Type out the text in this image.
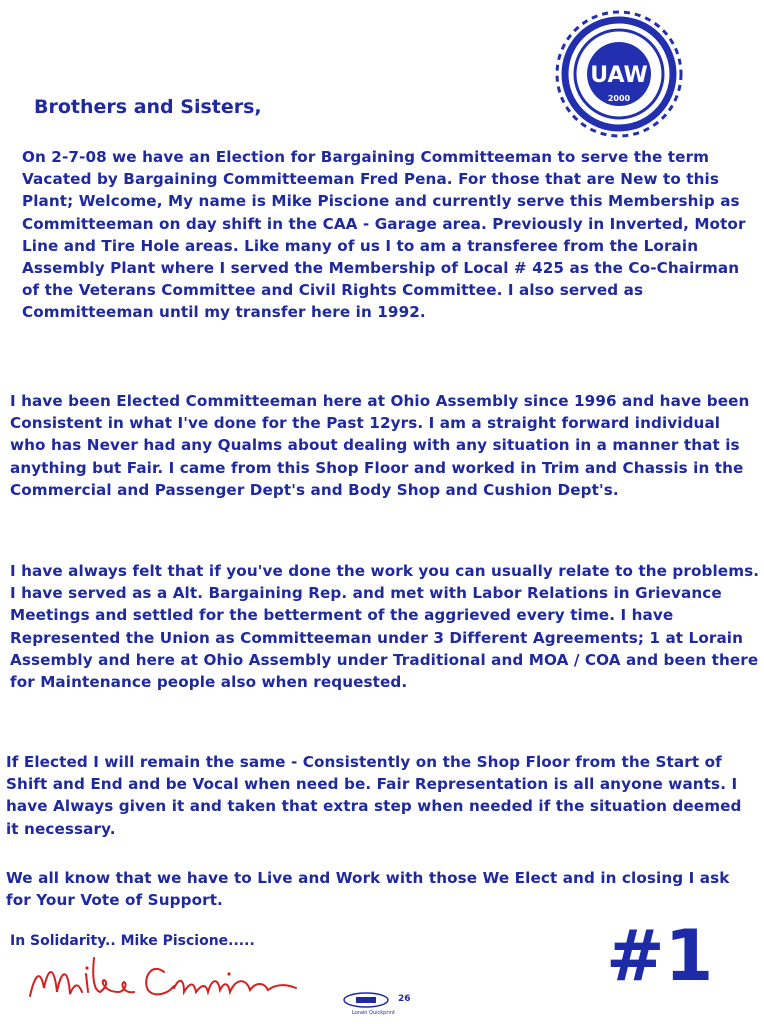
LOCAL
UAW
2000

Brothers and Sisters,

On 2-7-08 we have an Election for Bargaining Committeeman to serve the term Vacated by Bargaining Committeeman Fred Pena. For those that are New to this Plant; Welcome, My name is Mike Piscione and currently serve this Membership as Committeeman on day shift in the CAA - Garage area. Previously in Inverted, Motor Line and Tire Hole areas. Like many of us I to am a transferee from the Lorain Assembly Plant where I served the Membership of Local # 425 as the Co-Chairman of the Veterans Committee and Civil Rights Committee. I also served as Committeeman until my transfer here in 1992.

I have been Elected Committeeman here at Ohio Assembly since 1996 and have been Consistent in what I've done for the Past 12yrs. I am a straight forward individual who has Never had any Qualms about dealing with any situation in a manner that is anything but Fair. I came from this Shop Floor and worked in Trim and Chassis in the Commercial and Passenger Dept's and Body Shop and Cushion Dept's.

I have always felt that if you've done the work you can usually relate to the problems. I have served as a Alt. Bargaining Rep. and met with Labor Relations in Grievance Meetings and settled for the betterment of the aggrieved every time. I have Represented the Union as Committeeman under 3 Different Agreements; 1 at Lorain Assembly and here at Ohio Assembly under Traditional and MOA / COA and been there for Maintenance people also when requested.

If Elected I will remain the same - Consistently on the Shop Floor from the Start of Shift and End and be Vocal when need be. Fair Representation is all anyone wants. I have Always given it and taken that extra step when needed if the situation deemed it necessary.

We all know that we have to Live and Work with those We Elect and in closing I ask for Your Vote of Support.

In Solidarity.. Mike Piscione.....	#1
26
Lorain Quickprint
